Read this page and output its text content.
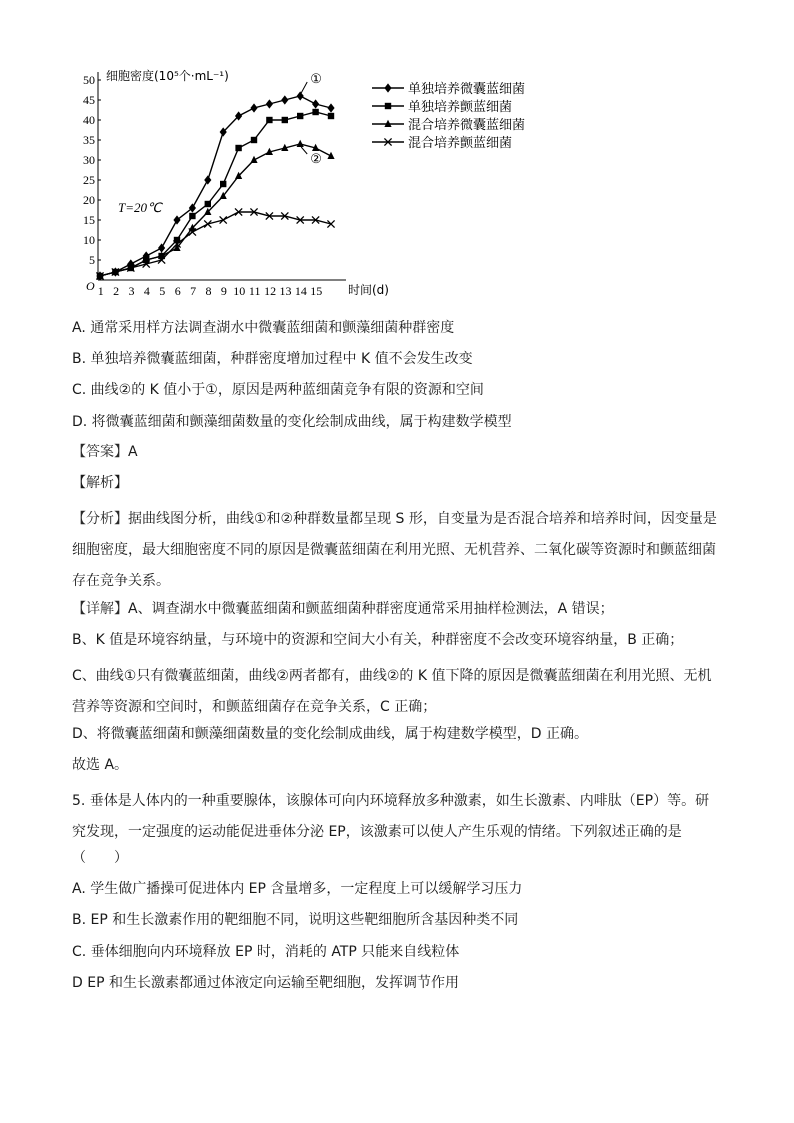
5
10
15
20
25
30
35
40
45
50
1 2 3 4 5 6 7 8 9 10 11 12 13 14 15
O	时间(d)
细胞密度(10⁵个·mL⁻¹)
T=20℃
①
②
单独培养微囊蓝细菌
单独培养颤蓝细菌
混合培养微囊蓝细菌
混合培养颤蓝细菌
A. 通常采用样方法调查湖水中微囊蓝细菌和颤藻细菌种群密度
B. 单独培养微囊蓝细菌，种群密度增加过程中 K 值不会发生改变
C. 曲线②的 K 值小于①，原因是两种蓝细菌竞争有限的资源和空间
D. 将微囊蓝细菌和颤藻细菌数量的变化绘制成曲线，属于构建数学模型
【答案】A
【解析】
【分析】据曲线图分析，曲线①和②种群数量都呈现 S 形，自变量为是否混合培养和培养时间，因变量是细胞密度，最大细胞密度不同的原因是微囊蓝细菌在利用光照、无机营养、二氧化碳等资源时和颤蓝细菌存在竞争关系。
【详解】A、调查湖水中微囊蓝细菌和颤蓝细菌种群密度通常采用抽样检测法，A 错误；
B、K 值是环境容纳量，与环境中的资源和空间大小有关，种群密度不会改变环境容纳量，B 正确；
C、曲线①只有微囊蓝细菌，曲线②两者都有，曲线②的 K 值下降的原因是微囊蓝细菌在利用光照、无机营养等资源和空间时，和颤蓝细菌存在竞争关系，C 正确；
D、将微囊蓝细菌和颤藻细菌数量的变化绘制成曲线，属于构建数学模型，D 正确。
故选 A。
5. 垂体是人体内的一种重要腺体，该腺体可向内环境释放多种激素，如生长激素、内啡肽（EP）等。研究发现，一定强度的运动能促进垂体分泌 EP，该激素可以使人产生乐观的情绪。下列叙述正确的是
（　　）
A. 学生做广播操可促进体内 EP 含量增多，一定程度上可以缓解学习压力
B. EP 和生长激素作用的靶细胞不同，说明这些靶细胞所含基因种类不同
C. 垂体细胞向内环境释放 EP 时，消耗的 ATP 只能来自线粒体
D EP 和生长激素都通过体液定向运输至靶细胞，发挥调节作用
